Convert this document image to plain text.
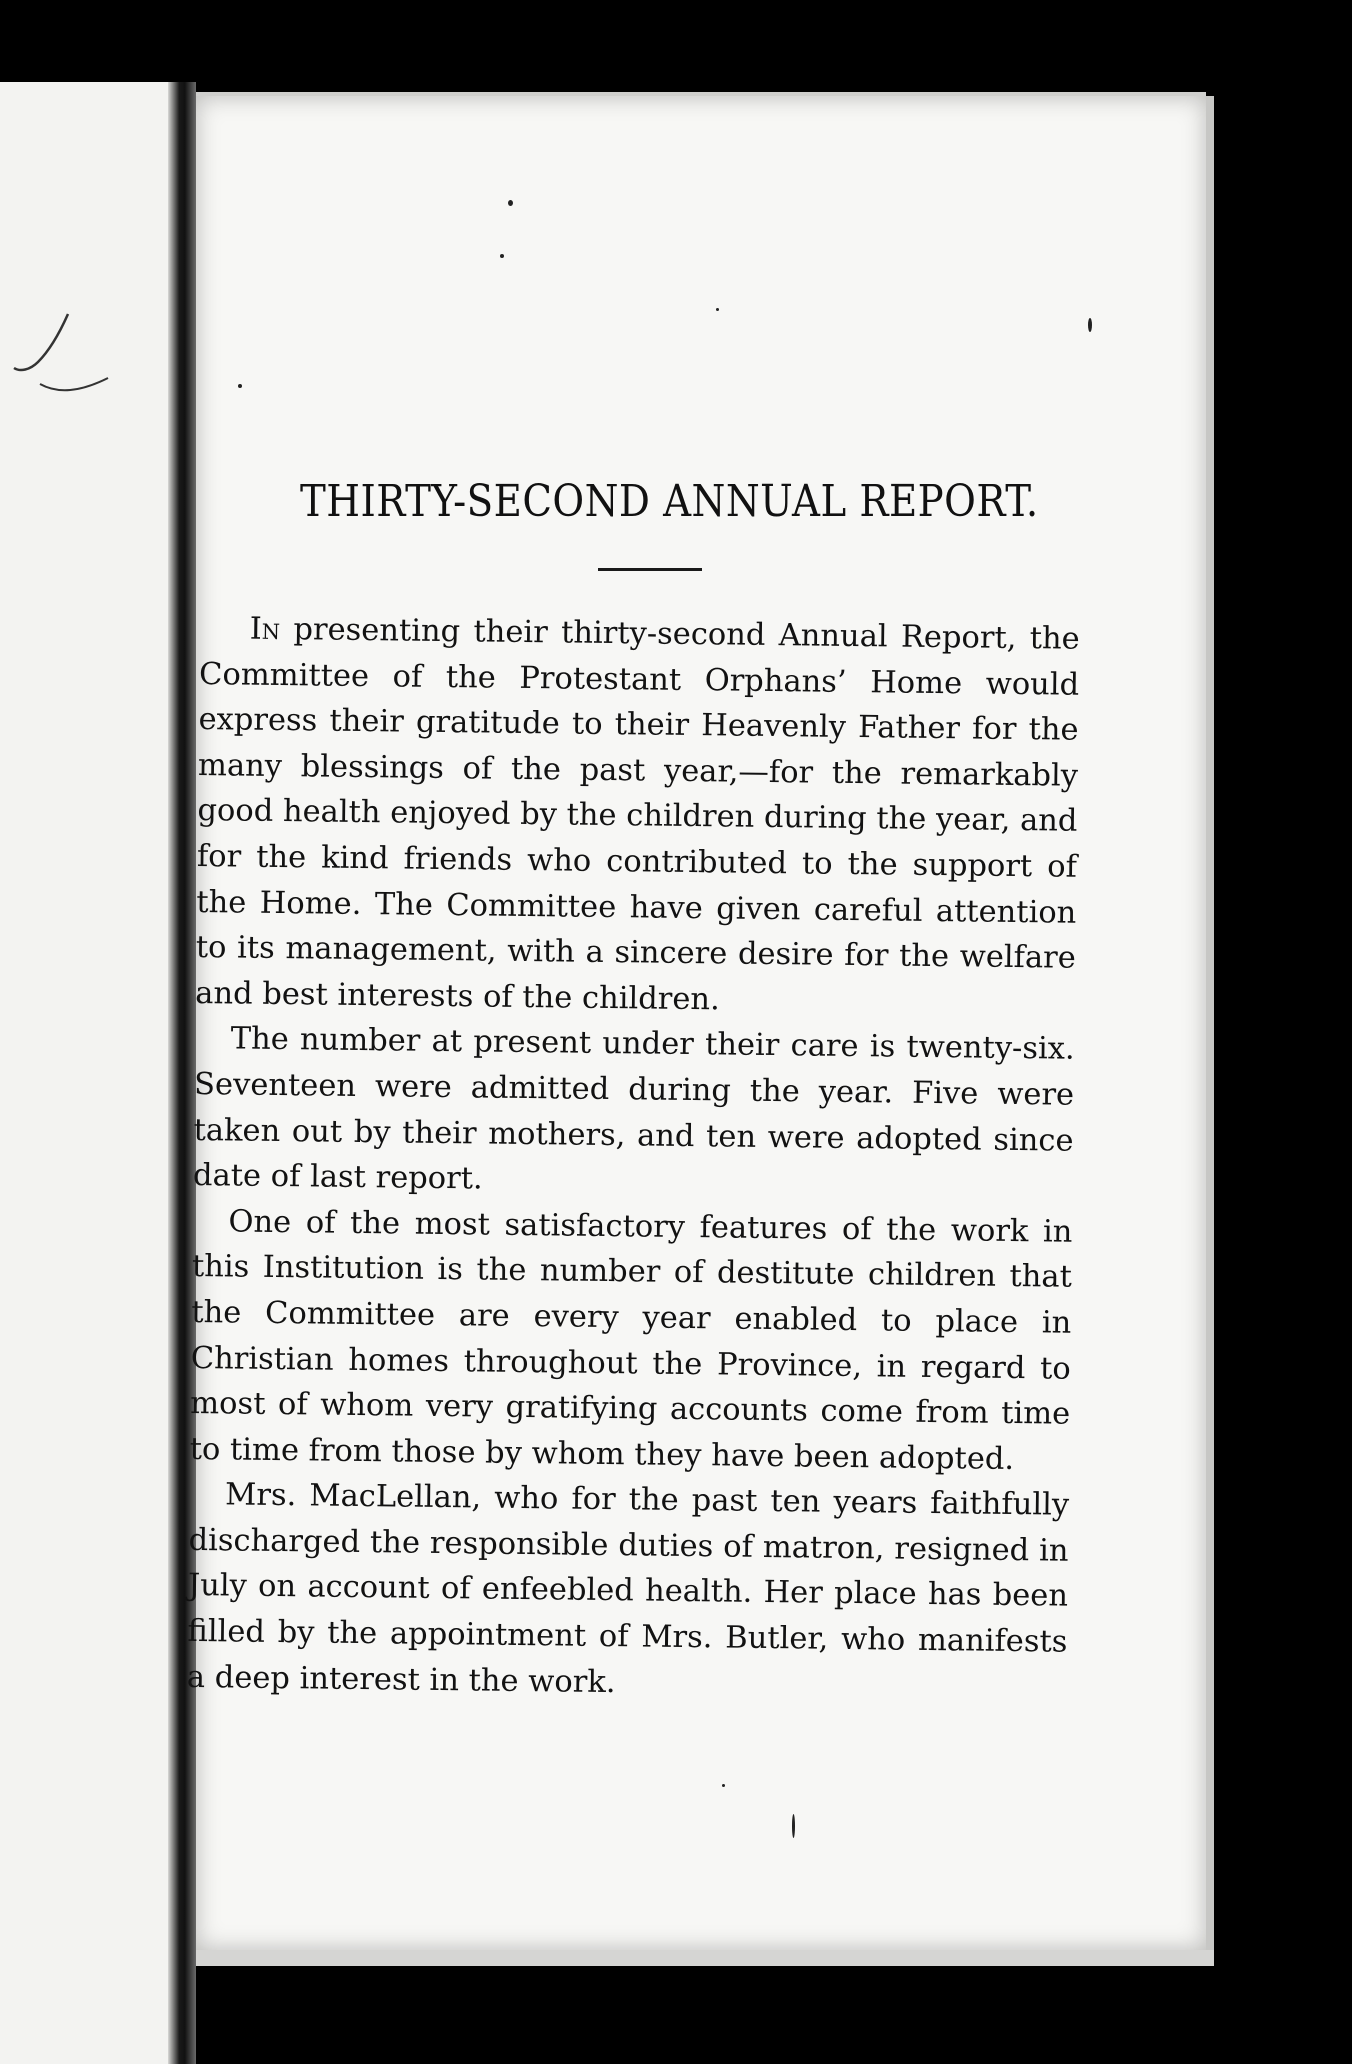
THIRTY-SECOND ANNUAL REPORT.

In presenting their thirty-second Annual Report, the Committee of the Protestant Orphans’ Home would express their gratitude to their Heavenly Father for the many blessings of the past year,—for the remarkably good health enjoyed by the children during the year, and for the kind friends who contributed to the support of the Home. The Committee have given careful attention to its management, with a sincere desire for the welfare and best interests of the children.

The number at present under their care is twenty-six. Seventeen were admitted during the year. Five were taken out by their mothers, and ten were adopted since date of last report.

One of the most satisfactory features of the work in this Institution is the number of destitute children that the Committee are every year enabled to place in Christian homes throughout the Province, in regard to most of whom very gratifying accounts come from time to time from those by whom they have been adopted.

Mrs. MacLellan, who for the past ten years faithfully discharged the responsible duties of matron, resigned in July on account of enfeebled health. Her place has been filled by the appointment of Mrs. Butler, who manifests a deep interest in the work.
